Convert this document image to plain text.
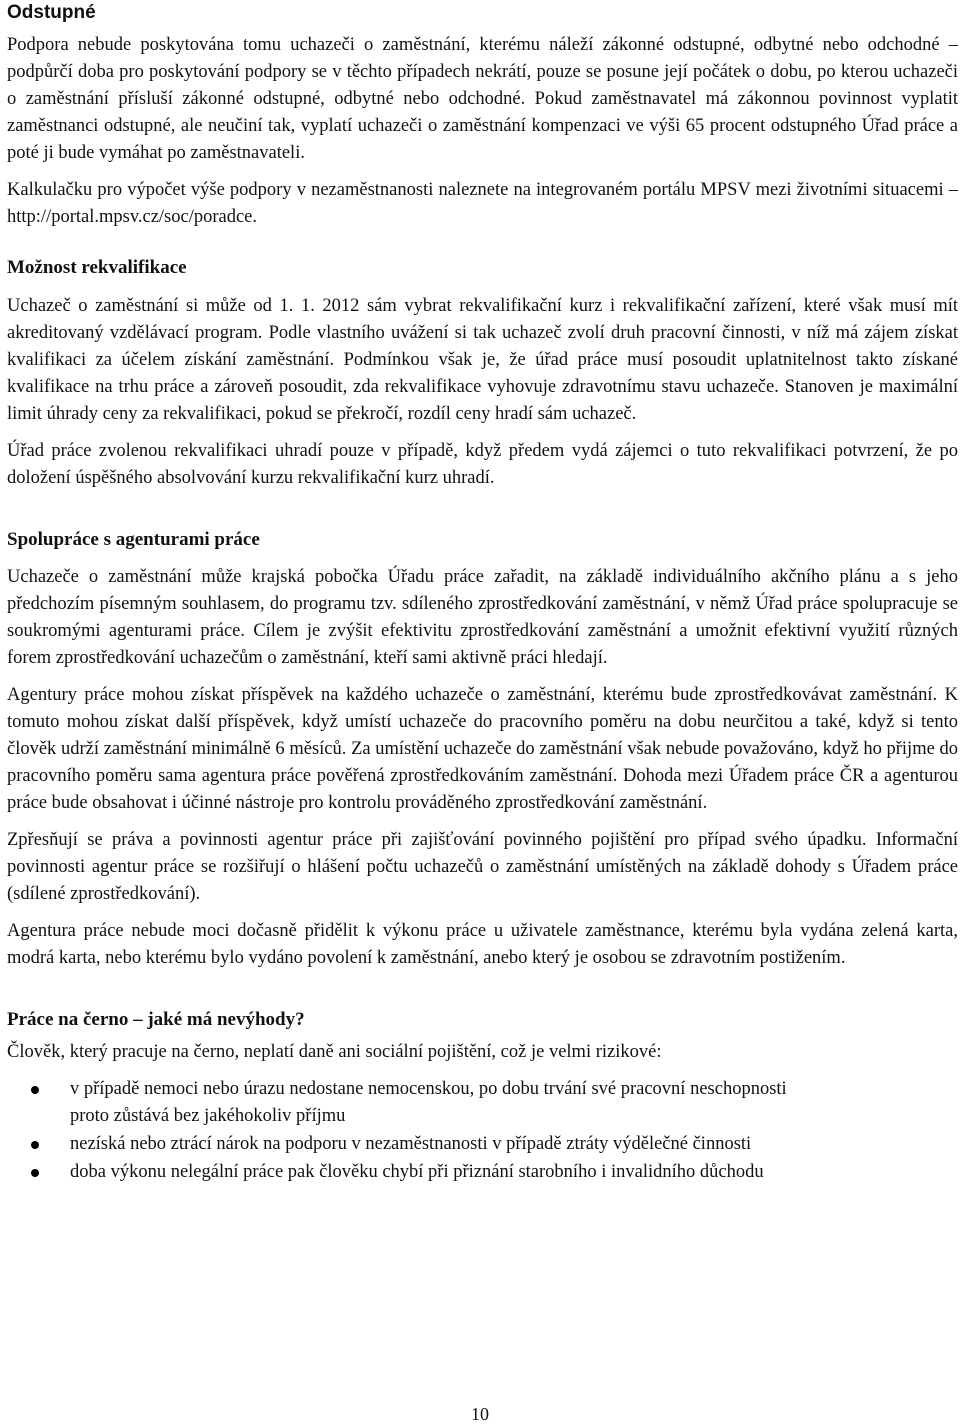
Odstupné

Podpora nebude poskytována tomu uchazeči o zaměstnání, kterému náleží zákonné odstupné, odbytné nebo odchodné – podpůrčí doba pro poskytování podpory se v těchto případech nekrátí, pouze se posune její počátek o dobu, po kterou uchazeči o zaměstnání přísluší zákonné odstupné, odbytné nebo odchodné. Pokud zaměstnavatel má zákonnou povinnost vyplatit zaměstnanci odstupné, ale neučiní tak, vyplatí uchazeči o zaměstnání kompenzaci ve výši 65 procent odstupného Úřad práce a poté ji bude vymáhat po zaměstnavateli.

Kalkulačku pro výpočet výše podpory v nezaměstnanosti naleznete na integrovaném portálu MPSV mezi životními situacemi – http://portal.mpsv.cz/soc/poradce.

Možnost rekvalifikace

Uchazeč o zaměstnání si může od 1. 1. 2012 sám vybrat rekvalifikační kurz i rekvalifikační zařízení, které však musí mít akreditovaný vzdělávací program. Podle vlastního uvážení si tak uchazeč zvolí druh pracovní činnosti, v níž má zájem získat kvalifikaci za účelem získání zaměstnání. Podmínkou však je, že úřad práce musí posoudit uplatnitelnost takto získané kvalifikace na trhu práce a zároveň posoudit, zda rekvalifikace vyhovuje zdravotnímu stavu uchazeče. Stanoven je maximální limit úhrady ceny za rekvalifikaci, pokud se překročí, rozdíl ceny hradí sám uchazeč.

Úřad práce zvolenou rekvalifikaci uhradí pouze v případě, když předem vydá zájemci o tuto rekvalifikaci potvrzení, že po doložení úspěšného absolvování kurzu rekvalifikační kurz uhradí.

Spolupráce s agenturami práce

Uchazeče o zaměstnání může krajská pobočka Úřadu práce zařadit, na základě individuálního akčního plánu a s jeho předchozím písemným souhlasem, do programu tzv. sdíleného zprostředkování zaměstnání, v němž Úřad práce spolupracuje se soukromými agenturami práce. Cílem je zvýšit efektivitu zprostředkování zaměstnání a umožnit efektivní využití různých forem zprostředkování uchazečům o zaměstnání, kteří sami aktivně práci hledají.

Agentury práce mohou získat příspěvek na každého uchazeče o zaměstnání, kterému bude zprostředkovávat zaměstnání. K tomuto mohou získat další příspěvek, když umístí uchazeče do pracovního poměru na dobu neurčitou a také, když si tento člověk udrží zaměstnání minimálně 6 měsíců. Za umístění uchazeče do zaměstnání však nebude považováno, když ho přijme do pracovního poměru sama agentura práce pověřená zprostředkováním zaměstnání. Dohoda mezi Úřadem práce ČR a agenturou práce bude obsahovat i účinné nástroje pro kontrolu prováděného zprostředkování zaměstnání.

Zpřesňují se práva a povinnosti agentur práce při zajišťování povinného pojištění pro případ svého úpadku. Informační povinnosti agentur práce se rozšiřují o hlášení počtu uchazečů o zaměstnání umístěných na základě dohody s Úřadem práce (sdílené zprostředkování).

Agentura práce nebude moci dočasně přidělit k výkonu práce u uživatele zaměstnance, kterému byla vydána zelená karta, modrá karta, nebo kterému bylo vydáno povolení k zaměstnání, anebo který je osobou se zdravotním postižením.

Práce na černo – jaké má nevýhody?

Člověk, který pracuje na černo, neplatí daně ani sociální pojištění, což je velmi rizikové:

v případě nemoci nebo úrazu nedostane nemocenskou, po dobu trvání své pracovní neschopnosti proto zůstává bez jakéhokoliv příjmu
nezíská nebo ztrácí nárok na podporu v nezaměstnanosti v případě ztráty výdělečné činnosti
doba výkonu nelegální práce pak člověku chybí při přiznání starobního i invalidního důchodu
10
